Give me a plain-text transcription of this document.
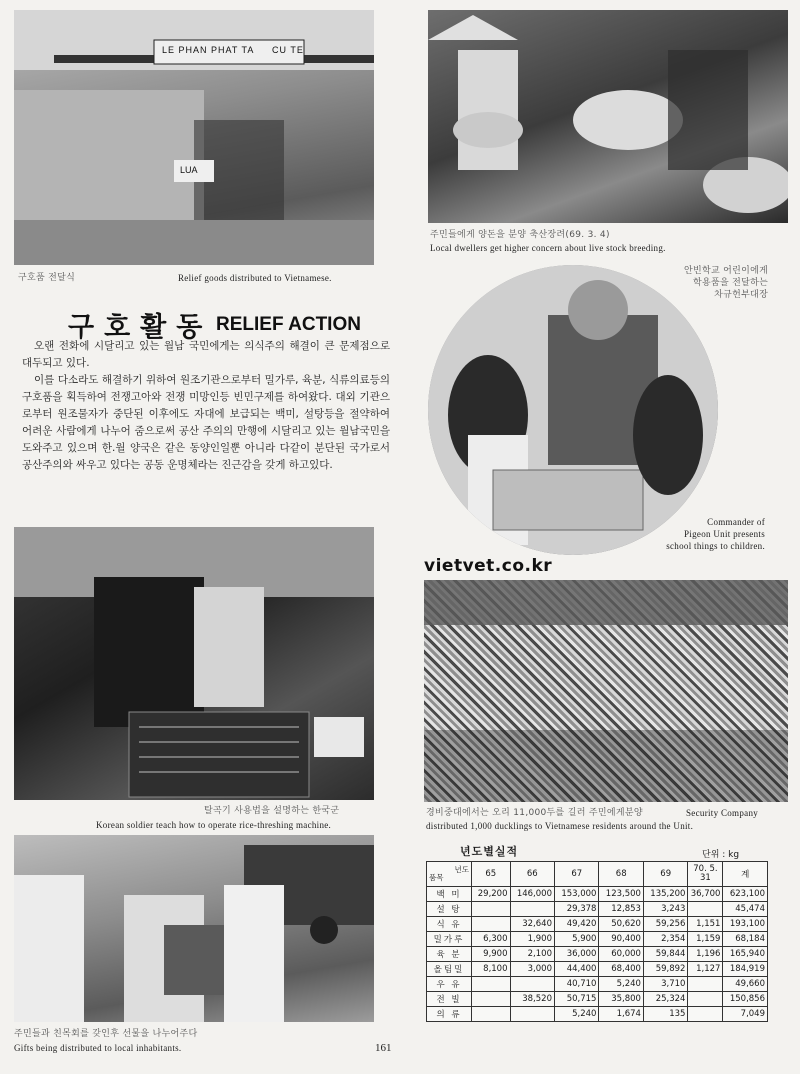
LE PHAN PHAT TA CU TE
LUA
구호품 전달식	Relief goods distributed to Vietnamese.
주민들에게 양돈을 분양 축산장려(69. 3. 4)
Local dwellers get higher concern about live stock breeding.
구호활동 RELIEF ACTION

오랜 전화에 시달리고 있는 월남 국민에게는 의식주의 해결이 큰 문제점으로 대두되고 있다.

이를 다소라도 해결하기 위하여 원조기관으로부터 밀가루, 육분, 식류의료등의 구호품을 획득하여 전쟁고아와 전쟁 미망인등 빈민구제를 하여왔다. 대외 기관으로부터 원조물자가 중단된 이후에도 자대에 보급되는 백미, 설탕등을 절약하여 어려운 사람에게 나누어 줌으로써 공산 주의의 만행에 시달리고 있는 월남국민을 도와주고 있으며 한.월 양국은 같은 동양인일뿐 아니라 다같이 분단된 국가로서 공산주의와 싸우고 있다는 공동 운명체라는 진근감을 갖게 하고있다.

안빈학교 어린이에게
학용품을 전달하는
차규헌부대장
Commander of
Pigeon Unit presents
school things to children.
탈곡기 사용법을 설명하는 한국군
Korean soldier teach how to operate rice-threshing machine.
vietvet.co.kr
경비중대에서는 오리 11,000두를 길러 주민에게분양	Security Company
distributed 1,000 ducklings to Vietnamese residents around the Unit.
주민들과 친목회를 갖인후 선물을 나누어주다
Gifts being distributed to local inhabitants.
년도별실적	단위 : kg
년도
품목	65	66	67	68	69	70. 5. 31	계
백 미	29,200	146,000	153,000	123,500	135,200	36,700	623,100
설 탕			29,378	12,853	3,243		45,474
식 유		32,640	49,420	50,620	59,256	1,151	193,100
밀가루	6,300	1,900	5,900	90,400	2,354	1,159	68,184
육 분	9,900	2,100	36,000	60,000	59,844	1,196	165,940
올팀밀	8,100	3,000	44,400	68,400	59,892	1,127	184,919
우 유			40,710	5,240	3,710		49,660
전 빌		38,520	50,715	35,800	25,324		150,856
의 류			5,240	1,674	135		7,049
161
